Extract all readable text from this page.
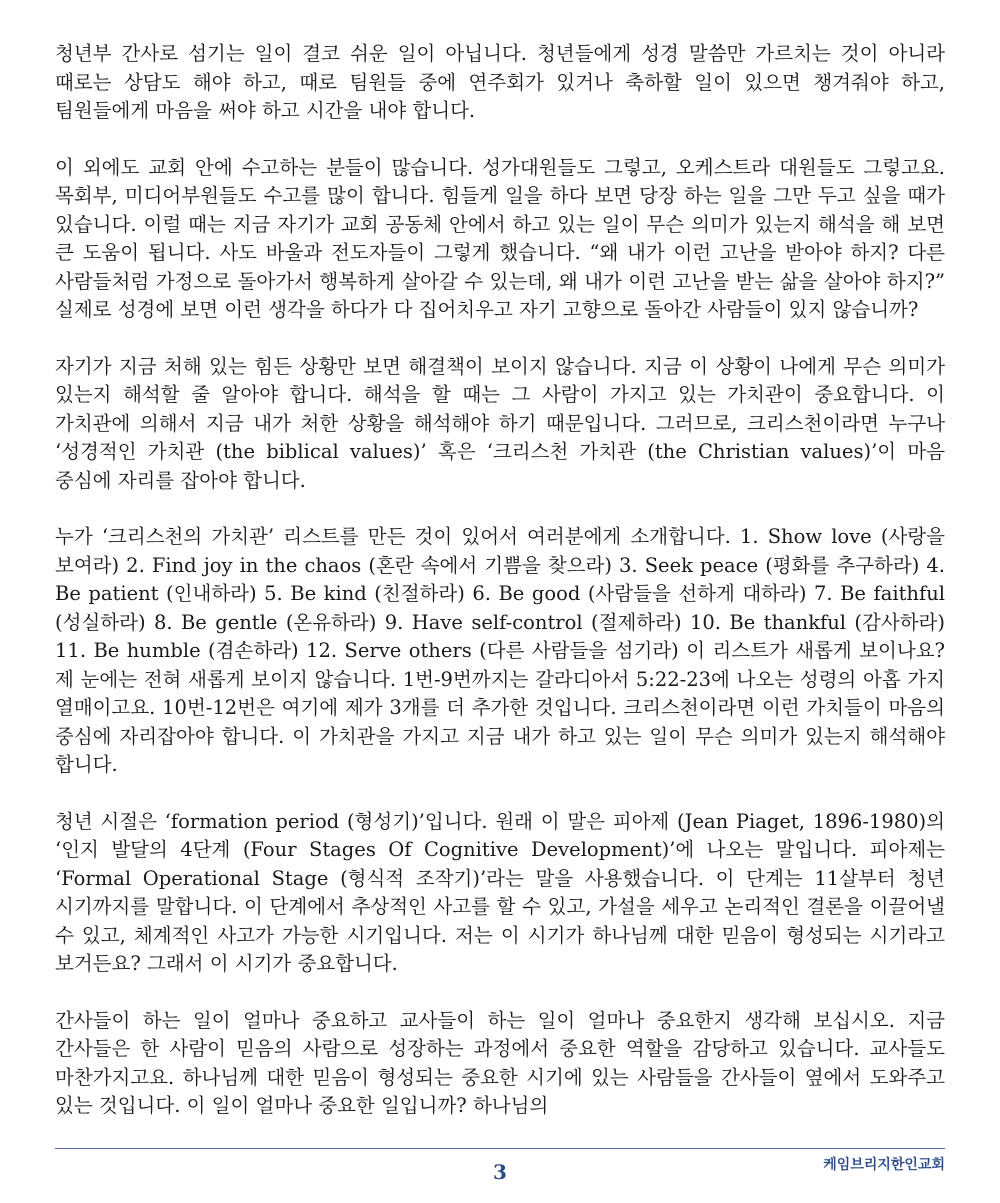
청년부 간사로 섬기는 일이 결코 쉬운 일이 아닙니다. 청년들에게 성경 말씀만 가르치는 것이 아니라 때로는 상담도 해야 하고, 때로 팀원들 중에 연주회가 있거나 축하할 일이 있으면 챙겨줘야 하고, 팀원들에게 마음을 써야 하고 시간을 내야 합니다.

이 외에도 교회 안에 수고하는 분들이 많습니다. 성가대원들도 그렇고, 오케스트라 대원들도 그렇고요. 목회부, 미디어부원들도 수고를 많이 합니다. 힘들게 일을 하다 보면 당장 하는 일을 그만 두고 싶을 때가 있습니다. 이럴 때는 지금 자기가 교회 공동체 안에서 하고 있는 일이 무슨 의미가 있는지 해석을 해 보면 큰 도움이 됩니다. 사도 바울과 전도자들이 그렇게 했습니다. “왜 내가 이런 고난을 받아야 하지? 다른 사람들처럼 가정으로 돌아가서 행복하게 살아갈 수 있는데, 왜 내가 이런 고난을 받는 삶을 살아야 하지?” 실제로 성경에 보면 이런 생각을 하다가 다 집어치우고 자기 고향으로 돌아간 사람들이 있지 않습니까?

자기가 지금 처해 있는 힘든 상황만 보면 해결책이 보이지 않습니다. 지금 이 상황이 나에게 무슨 의미가 있는지 해석할 줄 알아야 합니다. 해석을 할 때는 그 사람이 가지고 있는 가치관이 중요합니다. 이 가치관에 의해서 지금 내가 처한 상황을 해석해야 하기 때문입니다. 그러므로, 크리스천이라면 누구나 ‘성경적인 가치관 (the biblical values)’ 혹은 ‘크리스천 가치관 (the Christian values)’이 마음 중심에 자리를 잡아야 합니다.

누가 ‘크리스천의 가치관’ 리스트를 만든 것이 있어서 여러분에게 소개합니다. 1. Show love (사랑을 보여라) 2. Find joy in the chaos (혼란 속에서 기쁨을 찾으라) 3. Seek peace (평화를 추구하라) 4. Be patient (인내하라) 5. Be kind (친절하라) 6. Be good (사람들을 선하게 대하라) 7. Be faithful (성실하라) 8. Be gentle (온유하라) 9. Have self-control (절제하라) 10. Be thankful (감사하라) 11. Be humble (겸손하라) 12. Serve others (다른 사람들을 섬기라) 이 리스트가 새롭게 보이나요? 제 눈에는 전혀 새롭게 보이지 않습니다. 1번-9번까지는 갈라디아서 5:22-23에 나오는 성령의 아홉 가지 열매이고요. 10번-12번은 여기에 제가 3개를 더 추가한 것입니다. 크리스천이라면 이런 가치들이 마음의 중심에 자리잡아야 합니다. 이 가치관을 가지고 지금 내가 하고 있는 일이 무슨 의미가 있는지 해석해야 합니다.

청년 시절은 ‘formation period (형성기)’입니다. 원래 이 말은 피아제 (Jean Piaget, 1896-1980)의 ‘인지 발달의 4단계 (Four Stages Of Cognitive Development)’에 나오는 말입니다. 피아제는 ‘Formal Operational Stage (형식적 조작기)’라는 말을 사용했습니다. 이 단계는 11살부터 청년 시기까지를 말합니다. 이 단계에서 추상적인 사고를 할 수 있고, 가설을 세우고 논리적인 결론을 이끌어낼 수 있고, 체계적인 사고가 가능한 시기입니다. 저는 이 시기가 하나님께 대한 믿음이 형성되는 시기라고 보거든요? 그래서 이 시기가 중요합니다.

간사들이 하는 일이 얼마나 중요하고 교사들이 하는 일이 얼마나 중요한지 생각해 보십시오. 지금 간사들은 한 사람이 믿음의 사람으로 성장하는 과정에서 중요한 역할을 감당하고 있습니다. 교사들도 마찬가지고요. 하나님께 대한 믿음이 형성되는 중요한 시기에 있는 사람들을 간사들이 옆에서 도와주고 있는 것입니다. 이 일이 얼마나 중요한 일입니까? 하나님의

3	케임브리지한인교회
